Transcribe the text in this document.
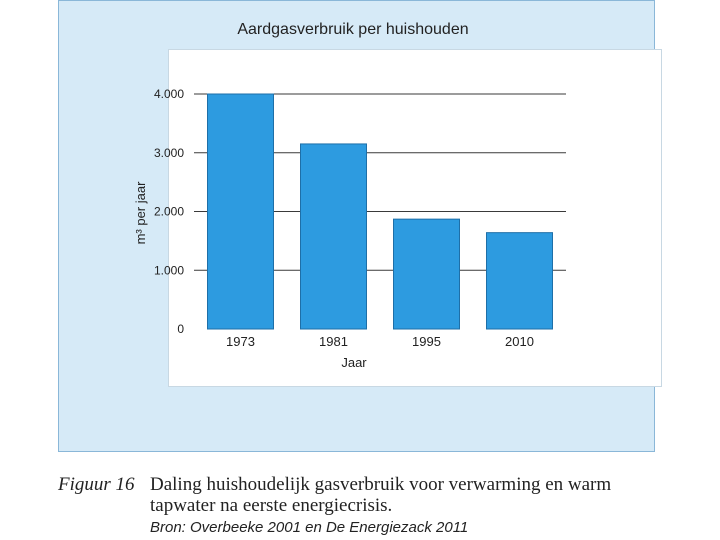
Aardgasverbruik per huishouden
m³ per jaar
Jaar
0
1.000
2.000
3.000
4.000
1973	1981	1995	2010
Figuur 16 Daling huishoudelijk gasverbruik voor verwarming en warm tapwater na eerste energiecrisis.
Bron: Overbeeke 2001 en De Energiezack 2011
